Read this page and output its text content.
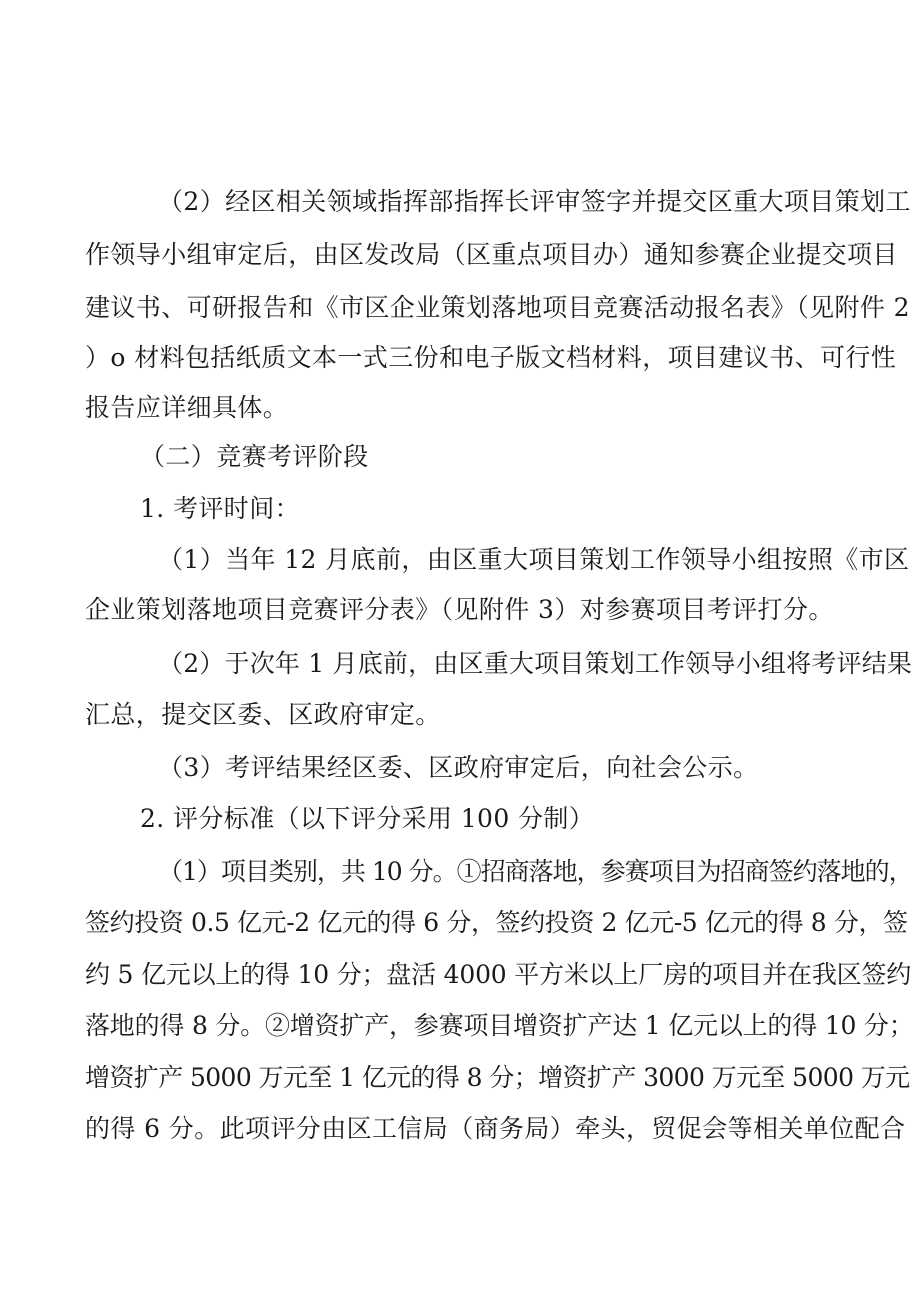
（2）经区相关领域指挥部指挥长评审签字并提交区重大项目策划工
作领导小组审定后，由区发改局（区重点项目办）通知参赛企业提交项目
建议书、可研报告和《市区企业策划落地项目竞赛活动报名表》（见附件 2
）o 材料包括纸质文本一式三份和电子版文档材料，项目建议书、可行性
报告应详细具体。
（二）竞赛考评阶段
1. 考评时间：
（1）当年 12 月底前，由区重大项目策划工作领导小组按照《市区
企业策划落地项目竞赛评分表》（见附件 3）对参赛项目考评打分。
（2）于次年 1 月底前，由区重大项目策划工作领导小组将考评结果
汇总，提交区委、区政府审定。
（3）考评结果经区委、区政府审定后，向社会公示。
2. 评分标准（以下评分采用 100 分制）
（1）项目类别，共 10 分。①招商落地，参赛项目为招商签约落地的，
签约投资 0.5 亿元-2 亿元的得 6 分，签约投资 2 亿元-5 亿元的得 8 分，签
约 5 亿元以上的得 10 分；盘活 4000 平方米以上厂房的项目并在我区签约
落地的得 8 分。②增资扩产，参赛项目增资扩产达 1 亿元以上的得 10 分；
增资扩产 5000 万元至 1 亿元的得 8 分；增资扩产 3000 万元至 5000 万元
的得 6 分。此项评分由区工信局（商务局）牵头，贸促会等相关单位配合
